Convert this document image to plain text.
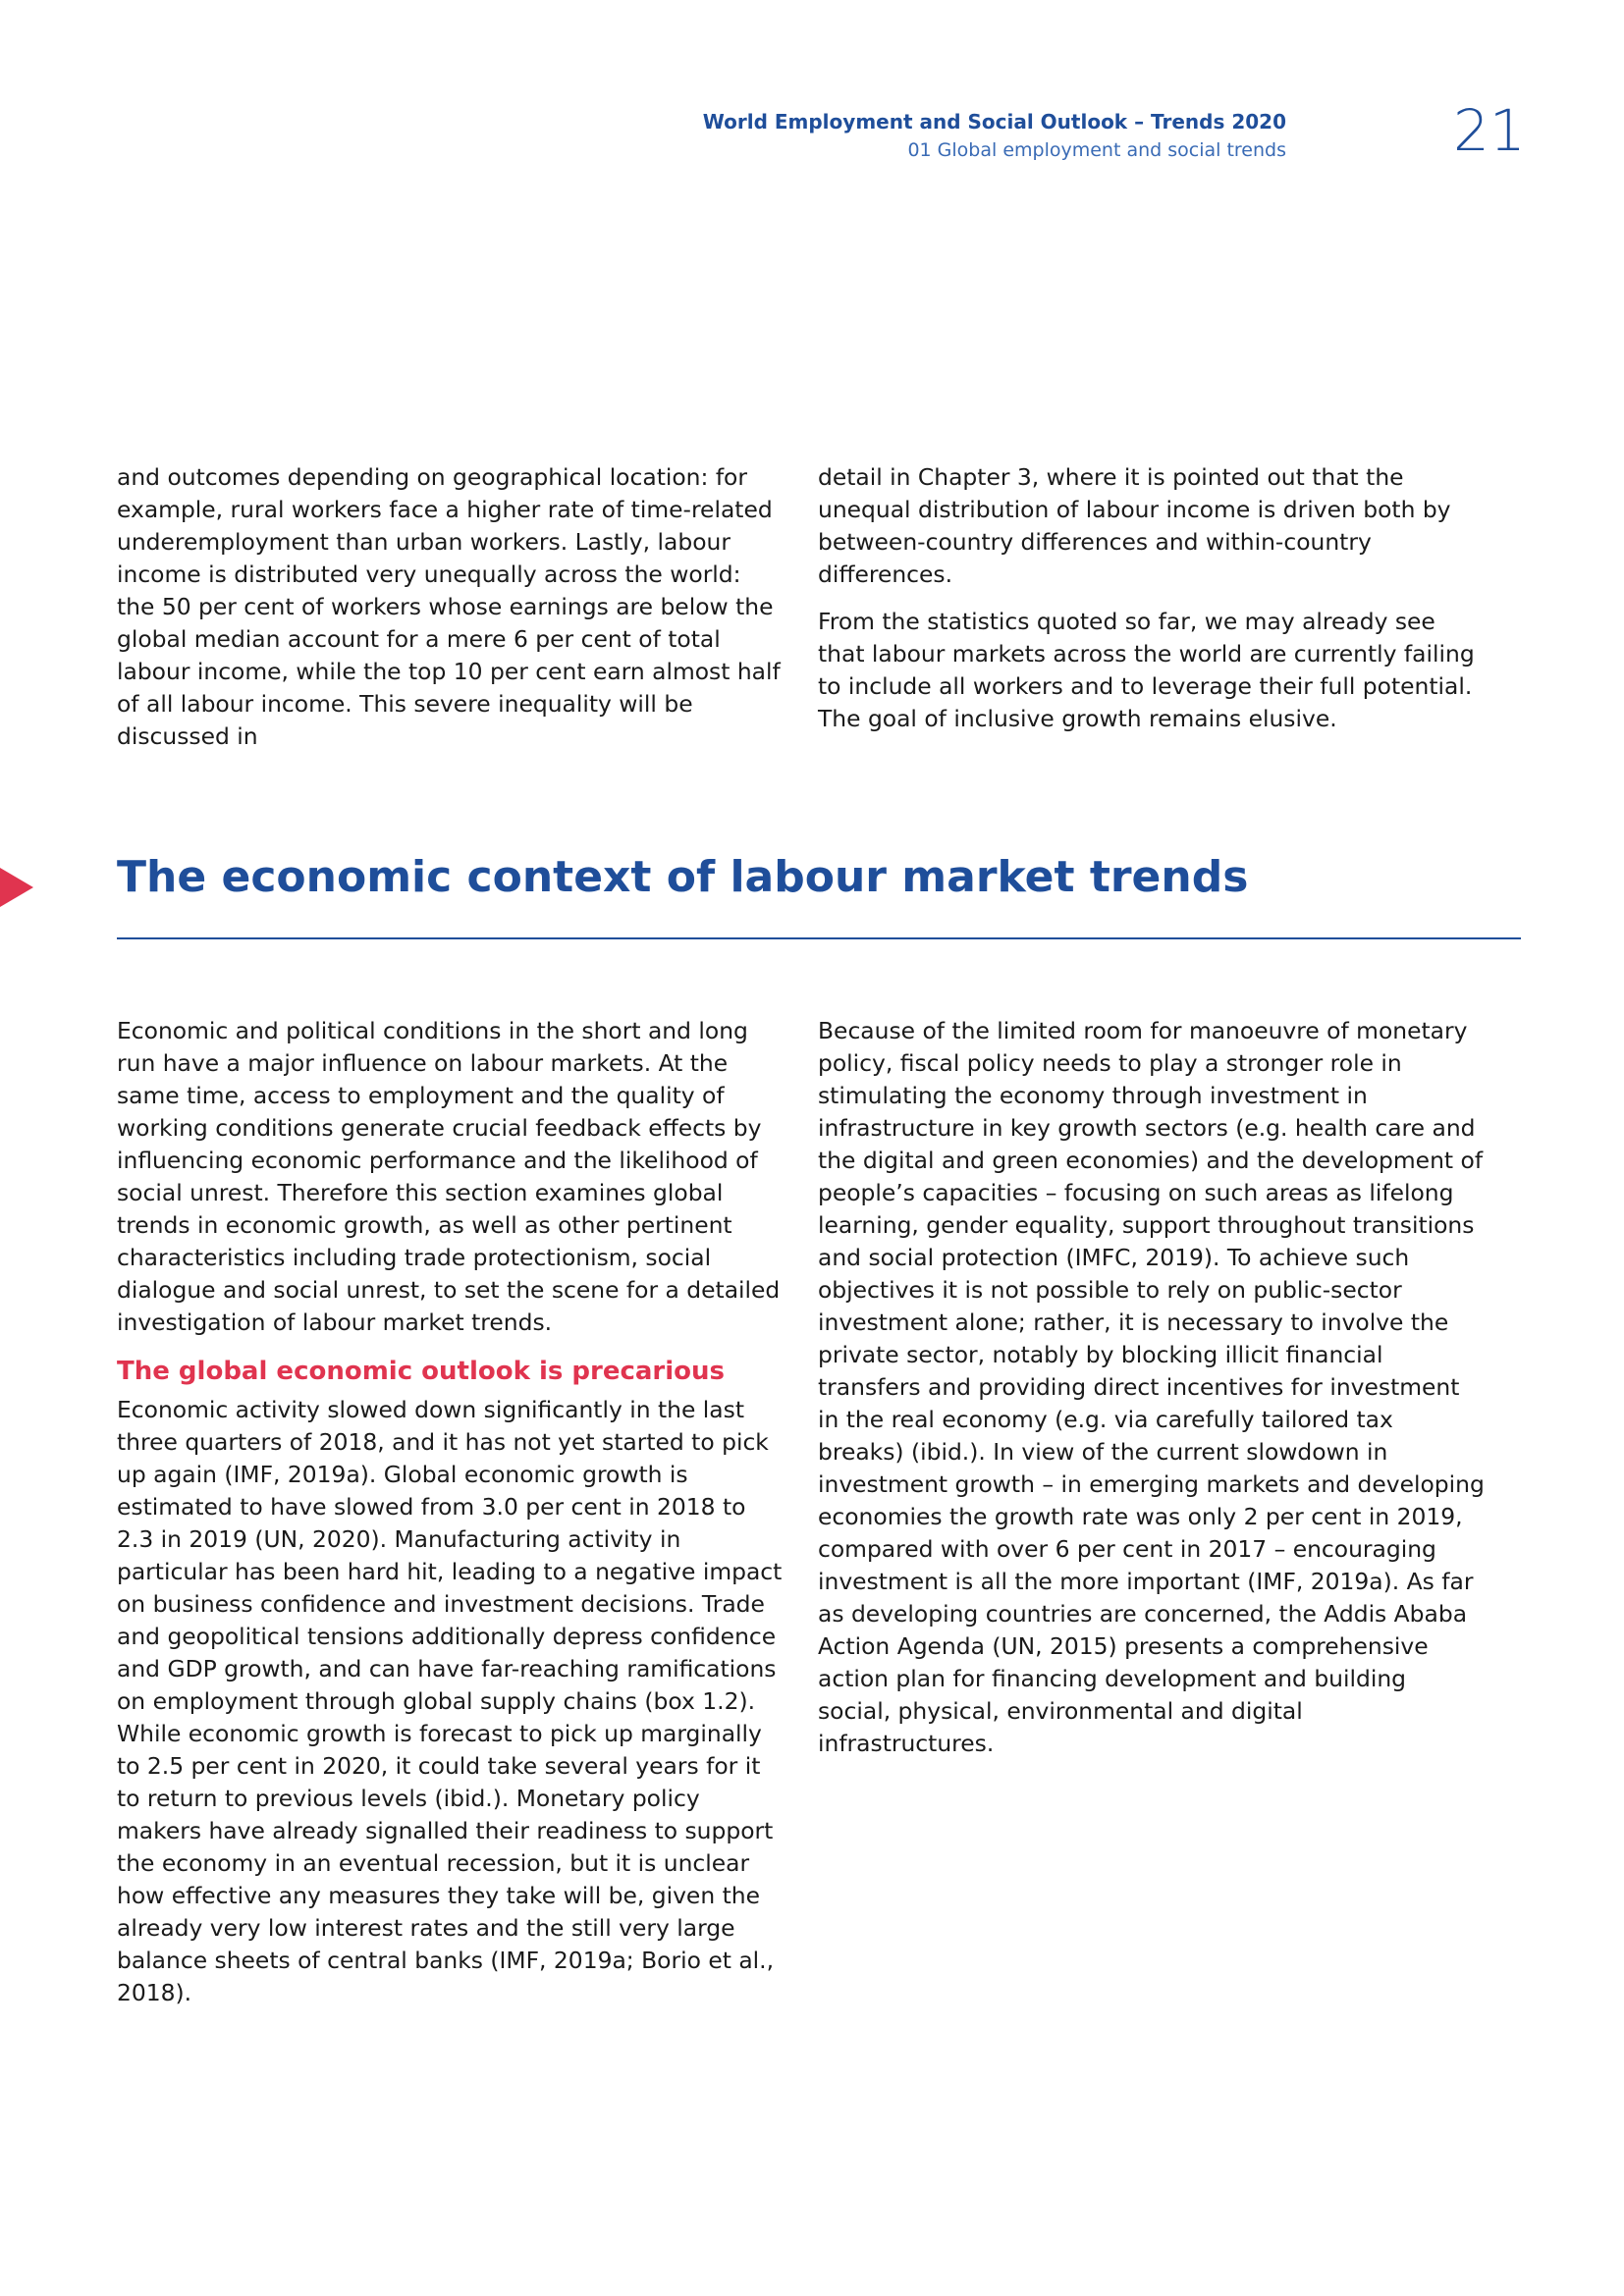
World Employment and Social Outlook – Trends 2020
01 Global employment and social trends	21

and outcomes depending on geographical location: for example, rural workers face a higher rate of time-related underemployment than urban workers. Lastly, labour income is distributed very unequally across the world: the 50 per cent of workers whose earnings are below the global median account for a mere 6 per cent of total labour income, while the top 10 per cent earn almost half of all labour income. This severe inequality will be discussed in

detail in Chapter 3, where it is pointed out that the unequal distribution of labour income is driven both by between-country differences and within-country differences.

From the statistics quoted so far, we may already see that labour markets across the world are currently failing to include all workers and to leverage their full potential. The goal of inclusive growth remains elusive.

The economic context of labour market trends

Economic and political conditions in the short and long run have a major influence on labour markets. At the same time, access to employment and the quality of working conditions generate crucial feedback effects by influencing economic performance and the likelihood of social unrest. Therefore this section examines global trends in economic growth, as well as other pertinent characteristics including trade protectionism, social dialogue and social unrest, to set the scene for a detailed investigation of labour market trends.

The global economic outlook is precarious

Economic activity slowed down significantly in the last three quarters of 2018, and it has not yet started to pick up again (IMF, 2019a). Global economic growth is estimated to have slowed from 3.0 per cent in 2018 to 2.3 in 2019 (UN, 2020). Manufacturing activity in particular has been hard hit, leading to a negative impact on business confidence and investment decisions. Trade and geopolitical tensions additionally depress confidence and GDP growth, and can have far-reaching ramifications on employment through global supply chains (box 1.2). While economic growth is forecast to pick up marginally to 2.5 per cent in 2020, it could take several years for it to return to previous levels (ibid.). Monetary policy makers have already signalled their readiness to support the economy in an eventual recession, but it is unclear how effective any measures they take will be, given the already very low interest rates and the still very large balance sheets of central banks (IMF, 2019a; Borio et al., 2018).

Because of the limited room for manoeuvre of monetary policy, fiscal policy needs to play a stronger role in stimulating the economy through investment in infrastructure in key growth sectors (e.g. health care and the digital and green economies) and the development of people’s capacities – focusing on such areas as lifelong learning, gender equality, support throughout transitions and social protection (IMFC, 2019). To achieve such objectives it is not possible to rely on public-sector investment alone; rather, it is necessary to involve the private sector, notably by blocking illicit financial transfers and providing direct incentives for investment in the real economy (e.g. via carefully tailored tax breaks) (ibid.). In view of the current slowdown in investment growth – in emerging markets and developing economies the growth rate was only 2 per cent in 2019, compared with over 6 per cent in 2017 – encouraging investment is all the more important (IMF, 2019a). As far as developing countries are concerned, the Addis Ababa Action Agenda (UN, 2015) presents a comprehensive action plan for financing development and building social, physical, environmental and digital infrastructures.
